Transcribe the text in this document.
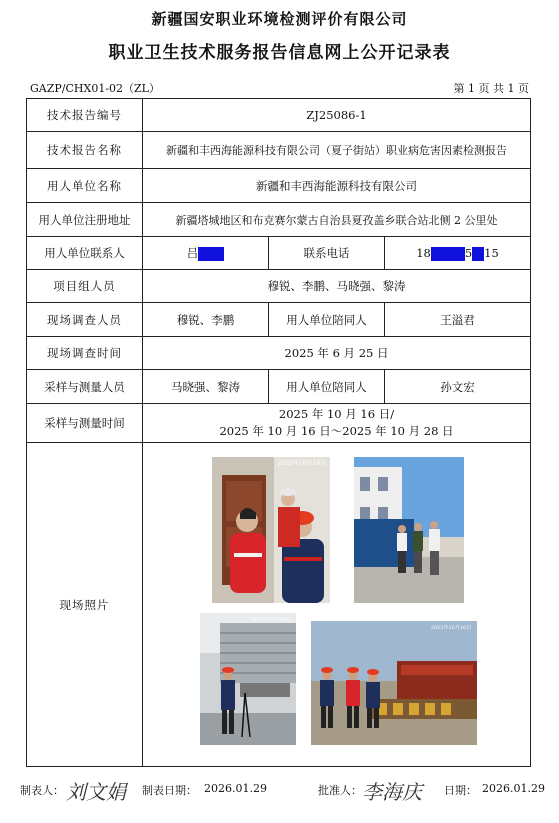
新疆国安职业环境检测评价有限公司
职业卫生技术服务报告信息网上公开记录表
GAZP/CHX01-02（ZL）	第 1 页 共 1 页
技术报告编号	ZJ25086-1		
技术报告名称	新疆和丰西海能源科技有限公司（夏子街站）职业病危害因素检测报告		
用人单位名称	新疆和丰西海能源科技有限公司		
用人单位注册地址	新疆塔城地区和布克赛尔蒙古自治县夏孜盖乡联合站北侧 2 公里处		
用人单位联系人	吕	联系电话	18 5 15
项目组人员	穆锐、李鹏、马晓强、黎涛		
现场调查人员	穆锐、李鹏	用人单位陪同人	王溢君
现场调查时间	2025 年 6 月 25 日		
采样与测量人员	马晓强、黎涛	用人单位陪同人	孙文宏
采样与测量时间	2025 年 10 月 16 日/
2025 年 10 月 16 日～2025 年 10 月 28 日		

现场照片	2025年10月16日
2025年10月16日
2025年10月16日		
制表人： 刘文娟 制表日期： 2026.01.29	批准人： 李海庆 日期： 2026.01.29
